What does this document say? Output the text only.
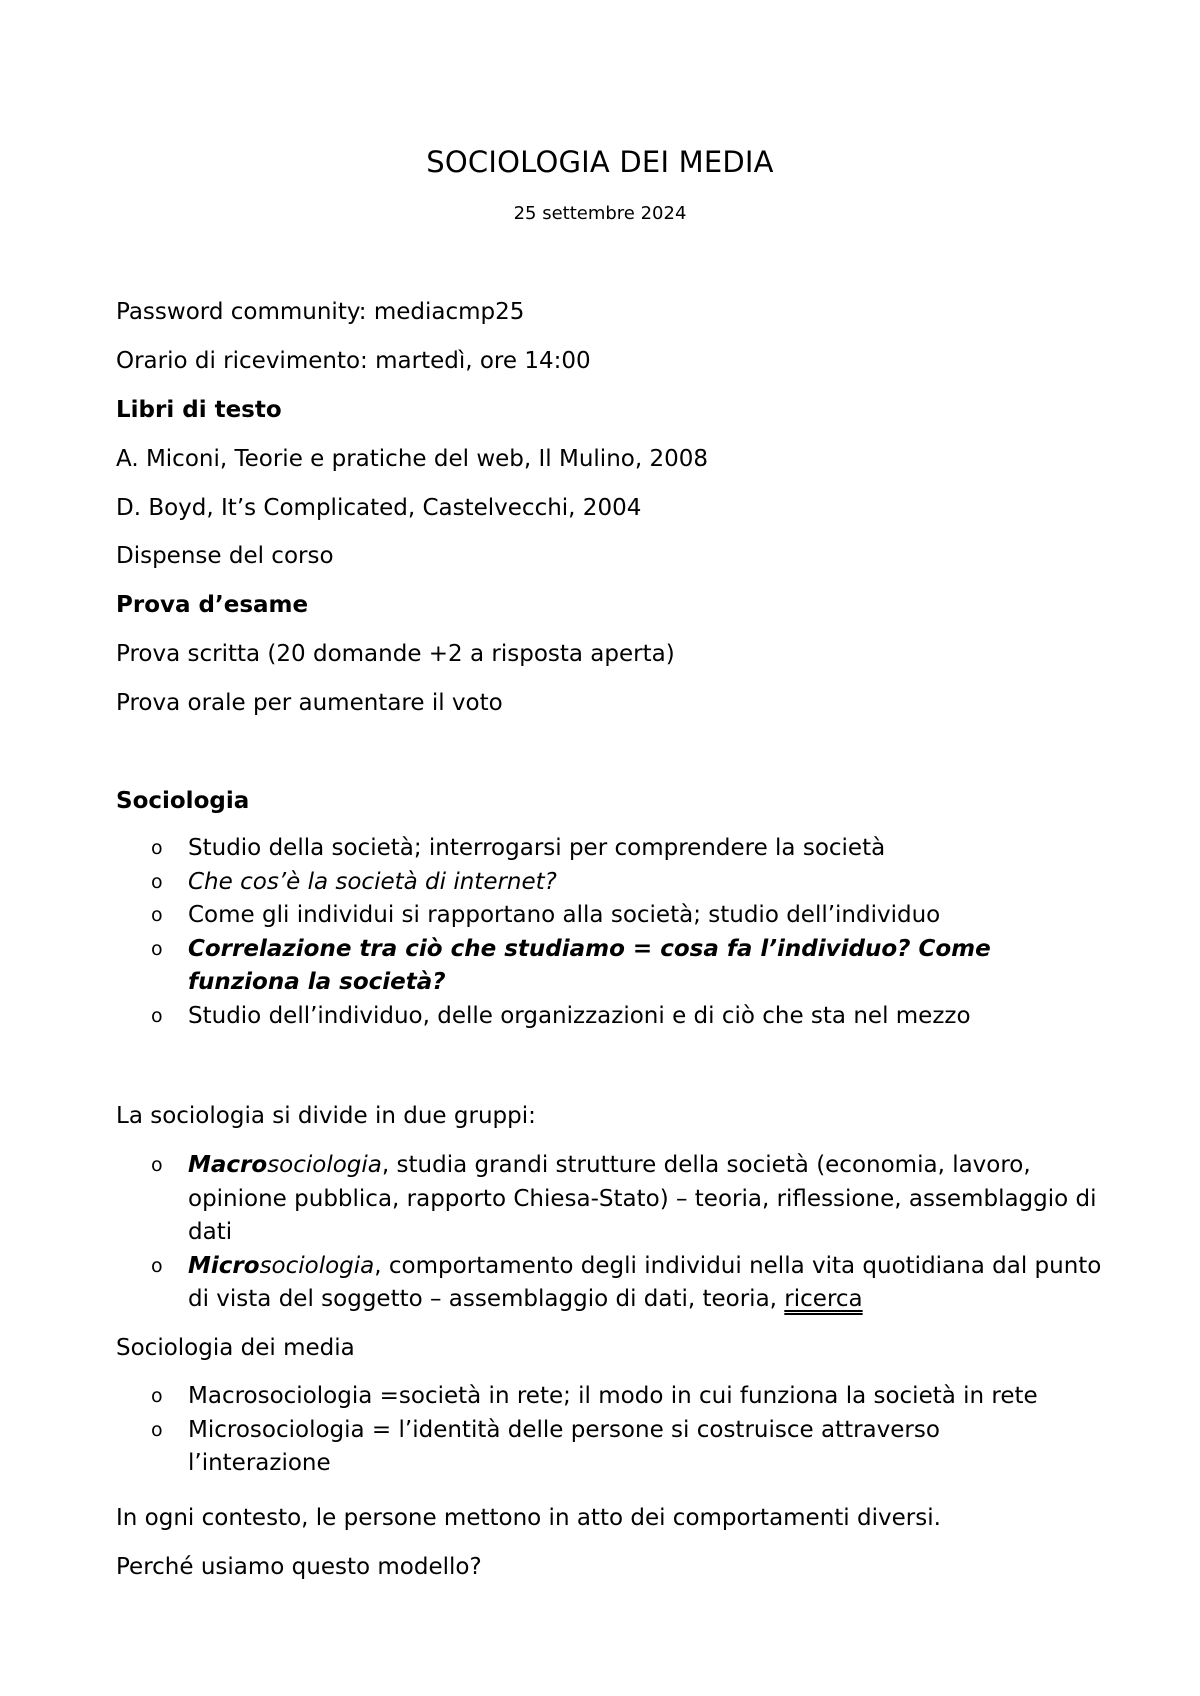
SOCIOLOGIA DEI MEDIA
25 settembre 2024
Password community: mediacmp25
Orario di ricevimento: martedì, ore 14:00
Libri di testo
A. Miconi, Teorie e pratiche del web, Il Mulino, 2008
D. Boyd, It’s Complicated, Castelvecchi, 2004
Dispense del corso
Prova d’esame
Prova scritta (20 domande +2 a risposta aperta)
Prova orale per aumentare il voto
Sociologia
o Studio della società; interrogarsi per comprendere la società
o Che cos’è la società di internet?
o Come gli individui si rapportano alla società; studio dell’individuo
o Correlazione tra ciò che studiamo = cosa fa l’individuo? Come funziona la società?
o Studio dell’individuo, delle organizzazioni e di ciò che sta nel mezzo
La sociologia si divide in due gruppi:
o Macrosociologia, studia grandi strutture della società (economia, lavoro, opinione pubblica, rapporto Chiesa-Stato) – teoria, riflessione, assemblaggio di dati
o Microsociologia, comportamento degli individui nella vita quotidiana dal punto di vista del soggetto – assemblaggio di dati, teoria, ricerca
Sociologia dei media
o Macrosociologia =società in rete; il modo in cui funziona la società in rete
o Microsociologia = l’identità delle persone si costruisce attraverso l’interazione
In ogni contesto, le persone mettono in atto dei comportamenti diversi.
Perché usiamo questo modello?
